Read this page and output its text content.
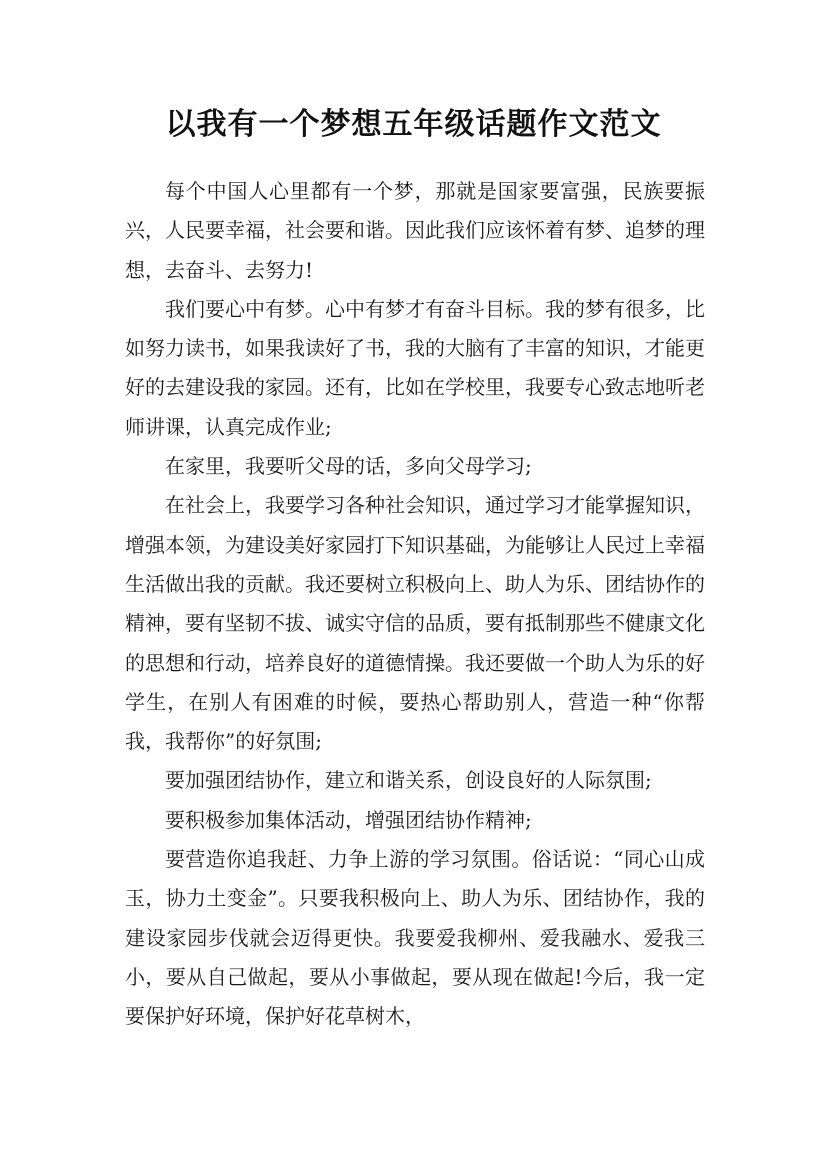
以我有一个梦想五年级话题作文范文

每个中国人心里都有一个梦，那就是国家要富强，民族要振兴，人民要幸福，社会要和谐。因此我们应该怀着有梦、追梦的理想，去奋斗、去努力!

我们要心中有梦。心中有梦才有奋斗目标。我的梦有很多，比如努力读书，如果我读好了书，我的大脑有了丰富的知识，才能更好的去建设我的家园。还有，比如在学校里，我要专心致志地听老师讲课，认真完成作业;

在家里，我要听父母的话，多向父母学习;

在社会上，我要学习各种社会知识，通过学习才能掌握知识，增强本领，为建设美好家园打下知识基础，为能够让人民过上幸福生活做出我的贡献。我还要树立积极向上、助人为乐、团结协作的精神，要有坚韧不拔、诚实守信的品质，要有抵制那些不健康文化的思想和行动，培养良好的道德情操。我还要做一个助人为乐的好学生，在别人有困难的时候，要热心帮助别人，营造一种“你帮我，我帮你”的好氛围;

要加强团结协作，建立和谐关系，创设良好的人际氛围;

要积极参加集体活动，增强团结协作精神;

要营造你追我赶、力争上游的学习氛围。俗话说：“同心山成玉，协力土变金”。只要我积极向上、助人为乐、团结协作，我的建设家园步伐就会迈得更快。我要爱我柳州、爱我融水、爱我三小，要从自己做起，要从小事做起，要从现在做起!今后，我一定要保护好环境，保护好花草树木，
